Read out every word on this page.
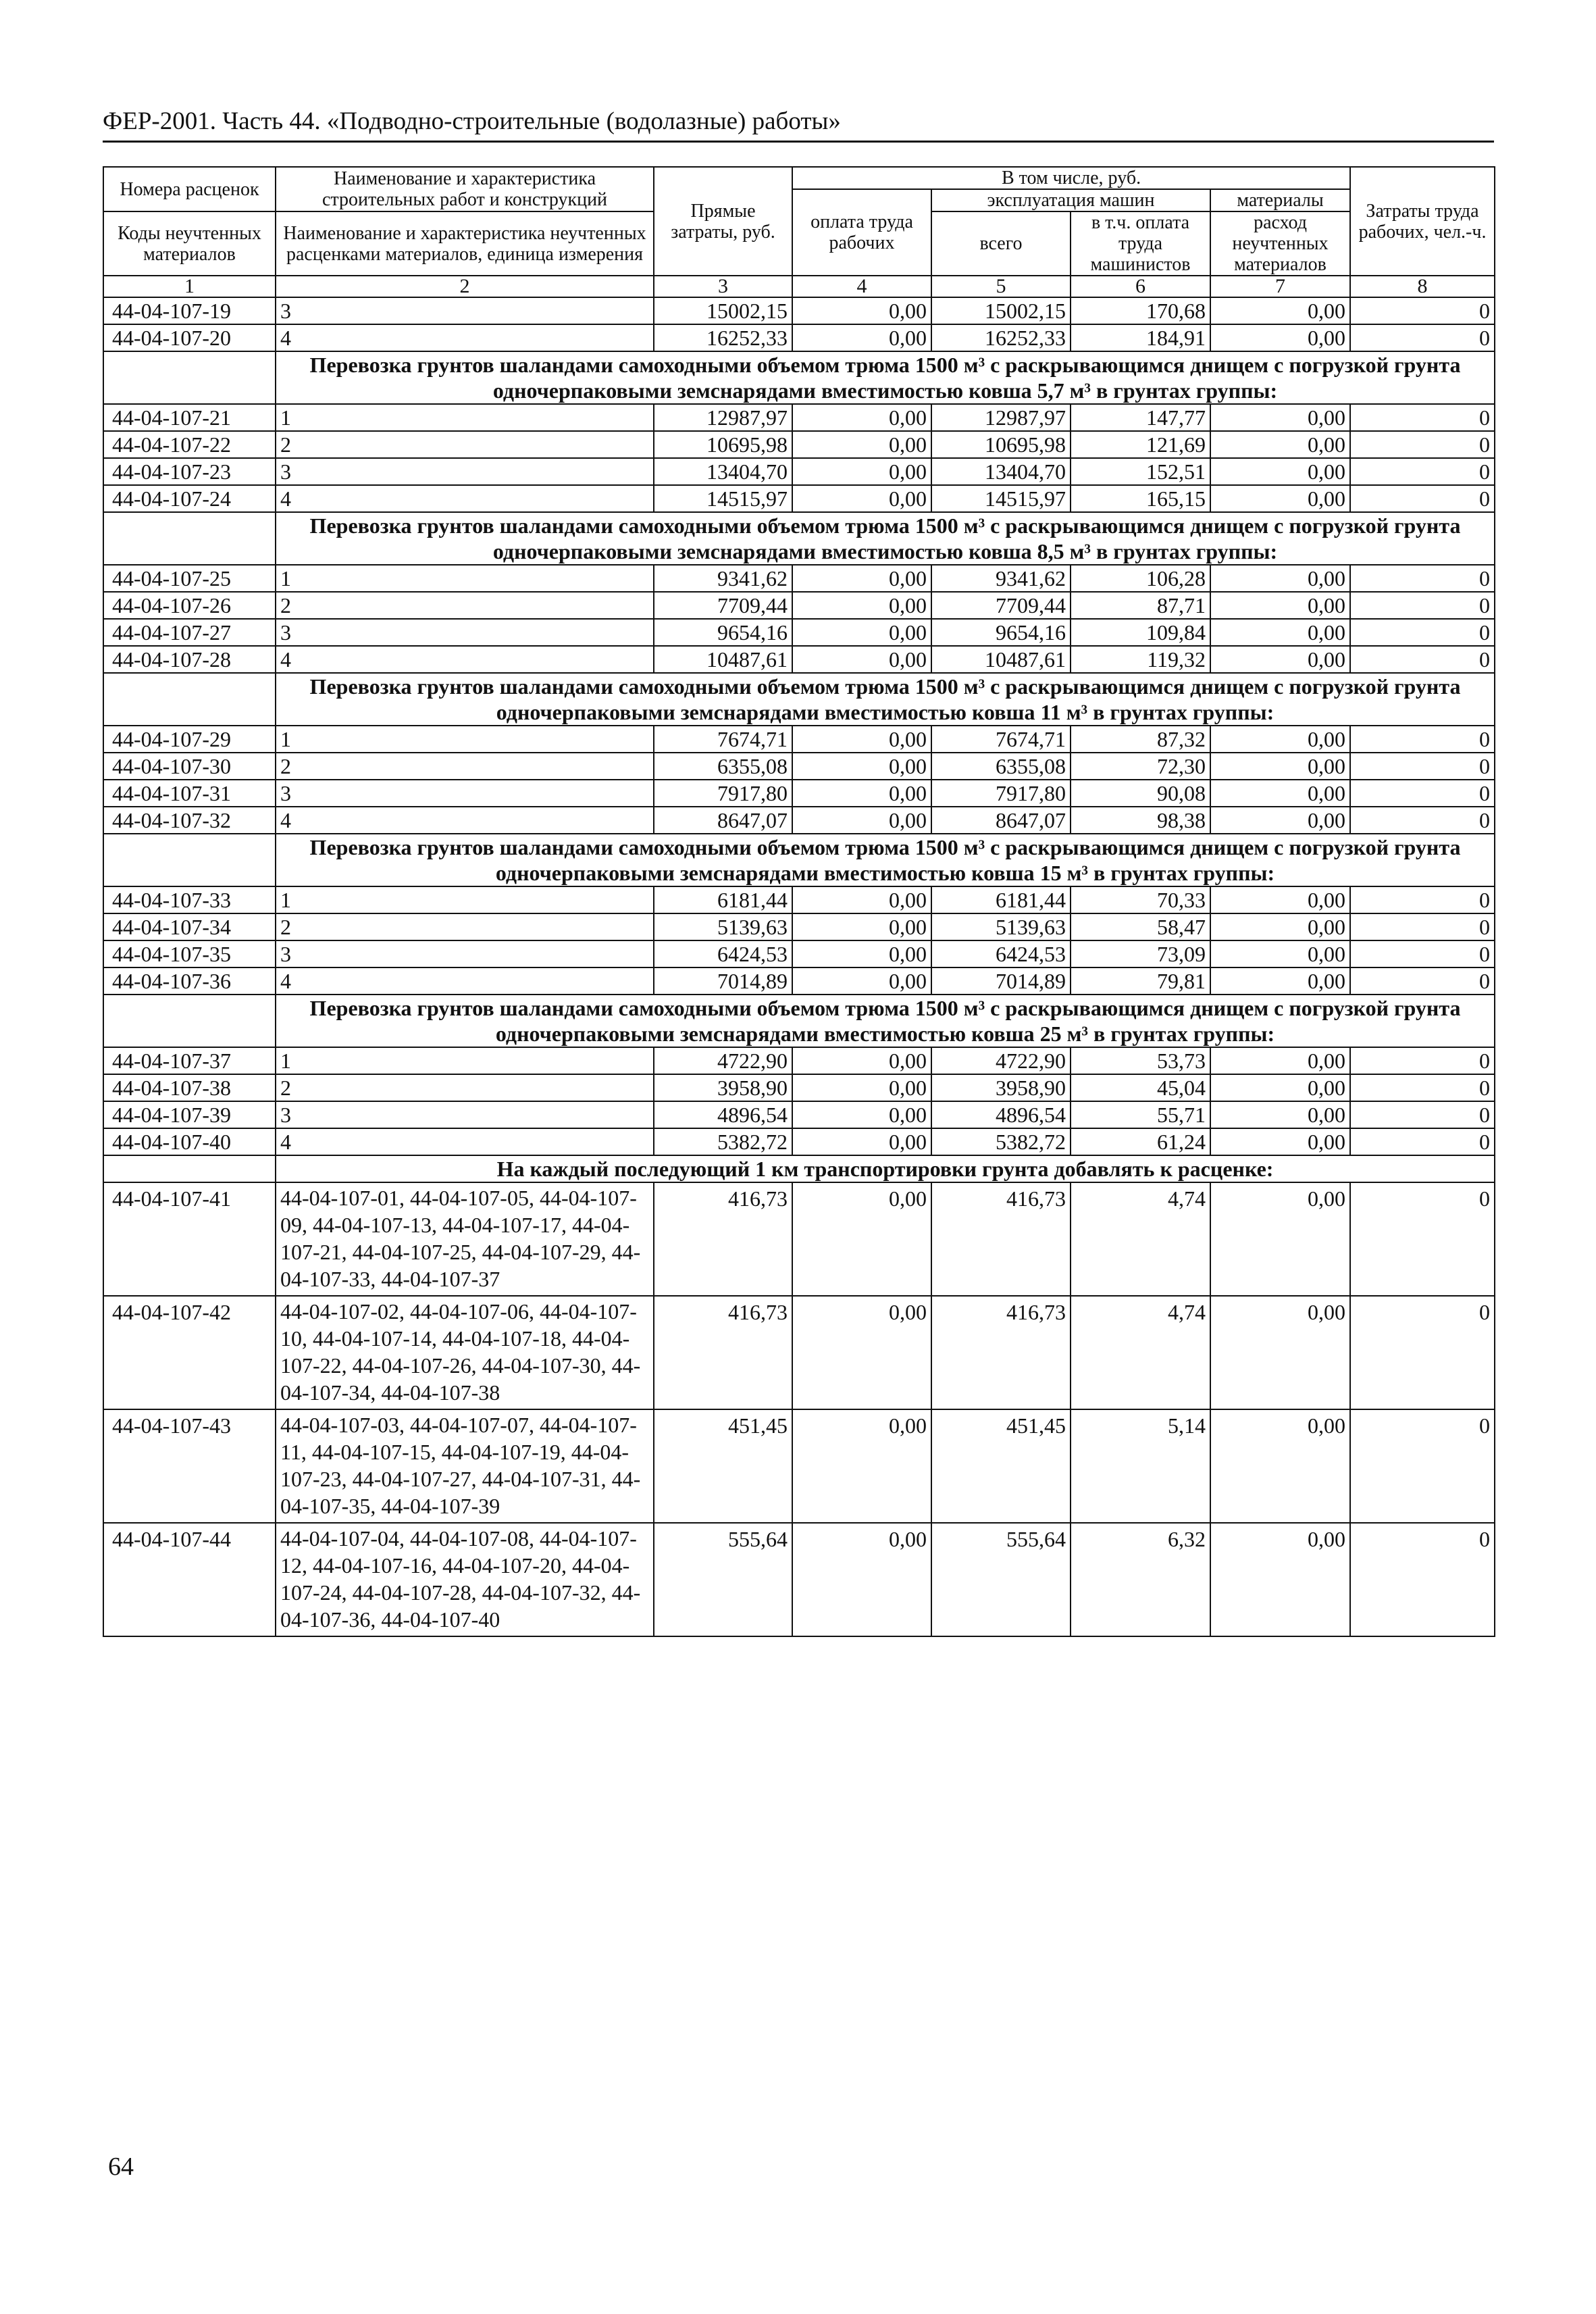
ФЕР-2001. Часть 44. «Подводно-строительные (водолазные) работы»
Номера расценок	Наименование и характеристика строительных работ и конструкций	Прямые затраты, руб.	В том числе, руб.				Затраты труда рабочих, чел.-ч.
			оплата труда рабочих	эксплуатация машин		материалы	
Коды неучтенных материалов	Наименование и характеристика неучтенных расценками материалов, единица измерения			всего	в т.ч. оплата труда машинистов	расход неучтенных материалов	

1	2	3	4	5	6	7	8
44-04-107-19	3	15002,15	0,00	15002,15	170,68	0,00	0
44-04-107-20	4	16252,33	0,00	16252,33	184,91	0,00	0
	Перевозка грунтов шаландами самоходными объемом трюма 1500 м³ с раскрывающимся днищем с погрузкой грунта одночерпаковыми земснарядами вместимостью ковша 5,7 м³ в грунтах группы:						
44-04-107-21	1	12987,97	0,00	12987,97	147,77	0,00	0
44-04-107-22	2	10695,98	0,00	10695,98	121,69	0,00	0
44-04-107-23	3	13404,70	0,00	13404,70	152,51	0,00	0
44-04-107-24	4	14515,97	0,00	14515,97	165,15	0,00	0
	Перевозка грунтов шаландами самоходными объемом трюма 1500 м³ с раскрывающимся днищем с погрузкой грунта одночерпаковыми земснарядами вместимостью ковша 8,5 м³ в грунтах группы:						
44-04-107-25	1	9341,62	0,00	9341,62	106,28	0,00	0
44-04-107-26	2	7709,44	0,00	7709,44	87,71	0,00	0
44-04-107-27	3	9654,16	0,00	9654,16	109,84	0,00	0
44-04-107-28	4	10487,61	0,00	10487,61	119,32	0,00	0
	Перевозка грунтов шаландами самоходными объемом трюма 1500 м³ с раскрывающимся днищем с погрузкой грунта одночерпаковыми земснарядами вместимостью ковша 11 м³ в грунтах группы:						
44-04-107-29	1	7674,71	0,00	7674,71	87,32	0,00	0
44-04-107-30	2	6355,08	0,00	6355,08	72,30	0,00	0
44-04-107-31	3	7917,80	0,00	7917,80	90,08	0,00	0
44-04-107-32	4	8647,07	0,00	8647,07	98,38	0,00	0
	Перевозка грунтов шаландами самоходными объемом трюма 1500 м³ с раскрывающимся днищем с погрузкой грунта одночерпаковыми земснарядами вместимостью ковша 15 м³ в грунтах группы:						
44-04-107-33	1	6181,44	0,00	6181,44	70,33	0,00	0
44-04-107-34	2	5139,63	0,00	5139,63	58,47	0,00	0
44-04-107-35	3	6424,53	0,00	6424,53	73,09	0,00	0
44-04-107-36	4	7014,89	0,00	7014,89	79,81	0,00	0
	Перевозка грунтов шаландами самоходными объемом трюма 1500 м³ с раскрывающимся днищем с погрузкой грунта одночерпаковыми земснарядами вместимостью ковша 25 м³ в грунтах группы:						
44-04-107-37	1	4722,90	0,00	4722,90	53,73	0,00	0
44-04-107-38	2	3958,90	0,00	3958,90	45,04	0,00	0
44-04-107-39	3	4896,54	0,00	4896,54	55,71	0,00	0
44-04-107-40	4	5382,72	0,00	5382,72	61,24	0,00	0
	На каждый последующий 1 км транспортировки грунта добавлять к расценке:						
44-04-107-41	44-04-107-01, 44-04-107-05, 44-04-107-09, 44-04-107-13, 44-04-107-17, 44-04-107-21, 44-04-107-25, 44-04-107-29, 44-04-107-33, 44-04-107-37	416,73	0,00	416,73	4,74	0,00	0
44-04-107-42	44-04-107-02, 44-04-107-06, 44-04-107-10, 44-04-107-14, 44-04-107-18, 44-04-107-22, 44-04-107-26, 44-04-107-30, 44-04-107-34, 44-04-107-38	416,73	0,00	416,73	4,74	0,00	0
44-04-107-43	44-04-107-03, 44-04-107-07, 44-04-107-11, 44-04-107-15, 44-04-107-19, 44-04-107-23, 44-04-107-27, 44-04-107-31, 44-04-107-35, 44-04-107-39	451,45	0,00	451,45	5,14	0,00	0
44-04-107-44	44-04-107-04, 44-04-107-08, 44-04-107-12, 44-04-107-16, 44-04-107-20, 44-04-107-24, 44-04-107-28, 44-04-107-32, 44-04-107-36, 44-04-107-40	555,64	0,00	555,64	6,32	0,00	0
64
